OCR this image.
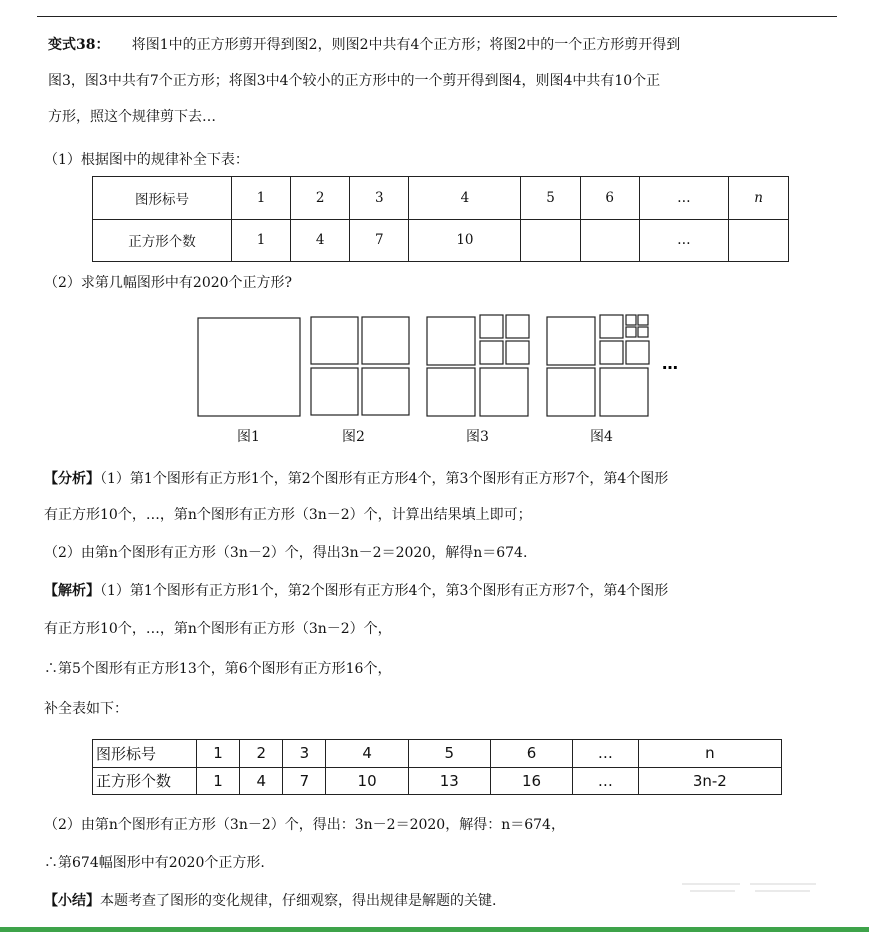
变式38： 将图1中的正方形剪开得到图2，则图2中共有4个正方形；将图2中的一个正方形剪开得到
图3，图3中共有7个正方形；将图3中4个较小的正方形中的一个剪开得到图4，则图4中共有10个正
方形，照这个规律剪下去…
（1）根据图中的规律补全下表：
图形标号	1	2	3	4	5	6	…	n
正方形个数	1	4	7	10			…	
（2）求第几幅图形中有2020个正方形?
…
图1	图2	图3	图4
【分析】（1）第1个图形有正方形1个，第2个图形有正方形4个，第3个图形有正方形7个，第4个图形
有正方形10个，…，第n个图形有正方形（3n－2）个，计算出结果填上即可；
（2）由第n个图形有正方形（3n－2）个，得出3n－2＝2020，解得n＝674.
【解析】（1）第1个图形有正方形1个，第2个图形有正方形4个，第3个图形有正方形7个，第4个图形
有正方形10个，…，第n个图形有正方形（3n－2）个，
∴第5个图形有正方形13个，第6个图形有正方形16个，
补全表如下：
图形标号	1	2	3	4	5	6	…	n
正方形个数	1	4	7	10	13	16	…	3n-2
（2）由第n个图形有正方形（3n－2）个，得出：3n－2＝2020，解得：n＝674，
∴第674幅图形中有2020个正方形.
【小结】本题考查了图形的变化规律，仔细观察，得出规律是解题的关键.
